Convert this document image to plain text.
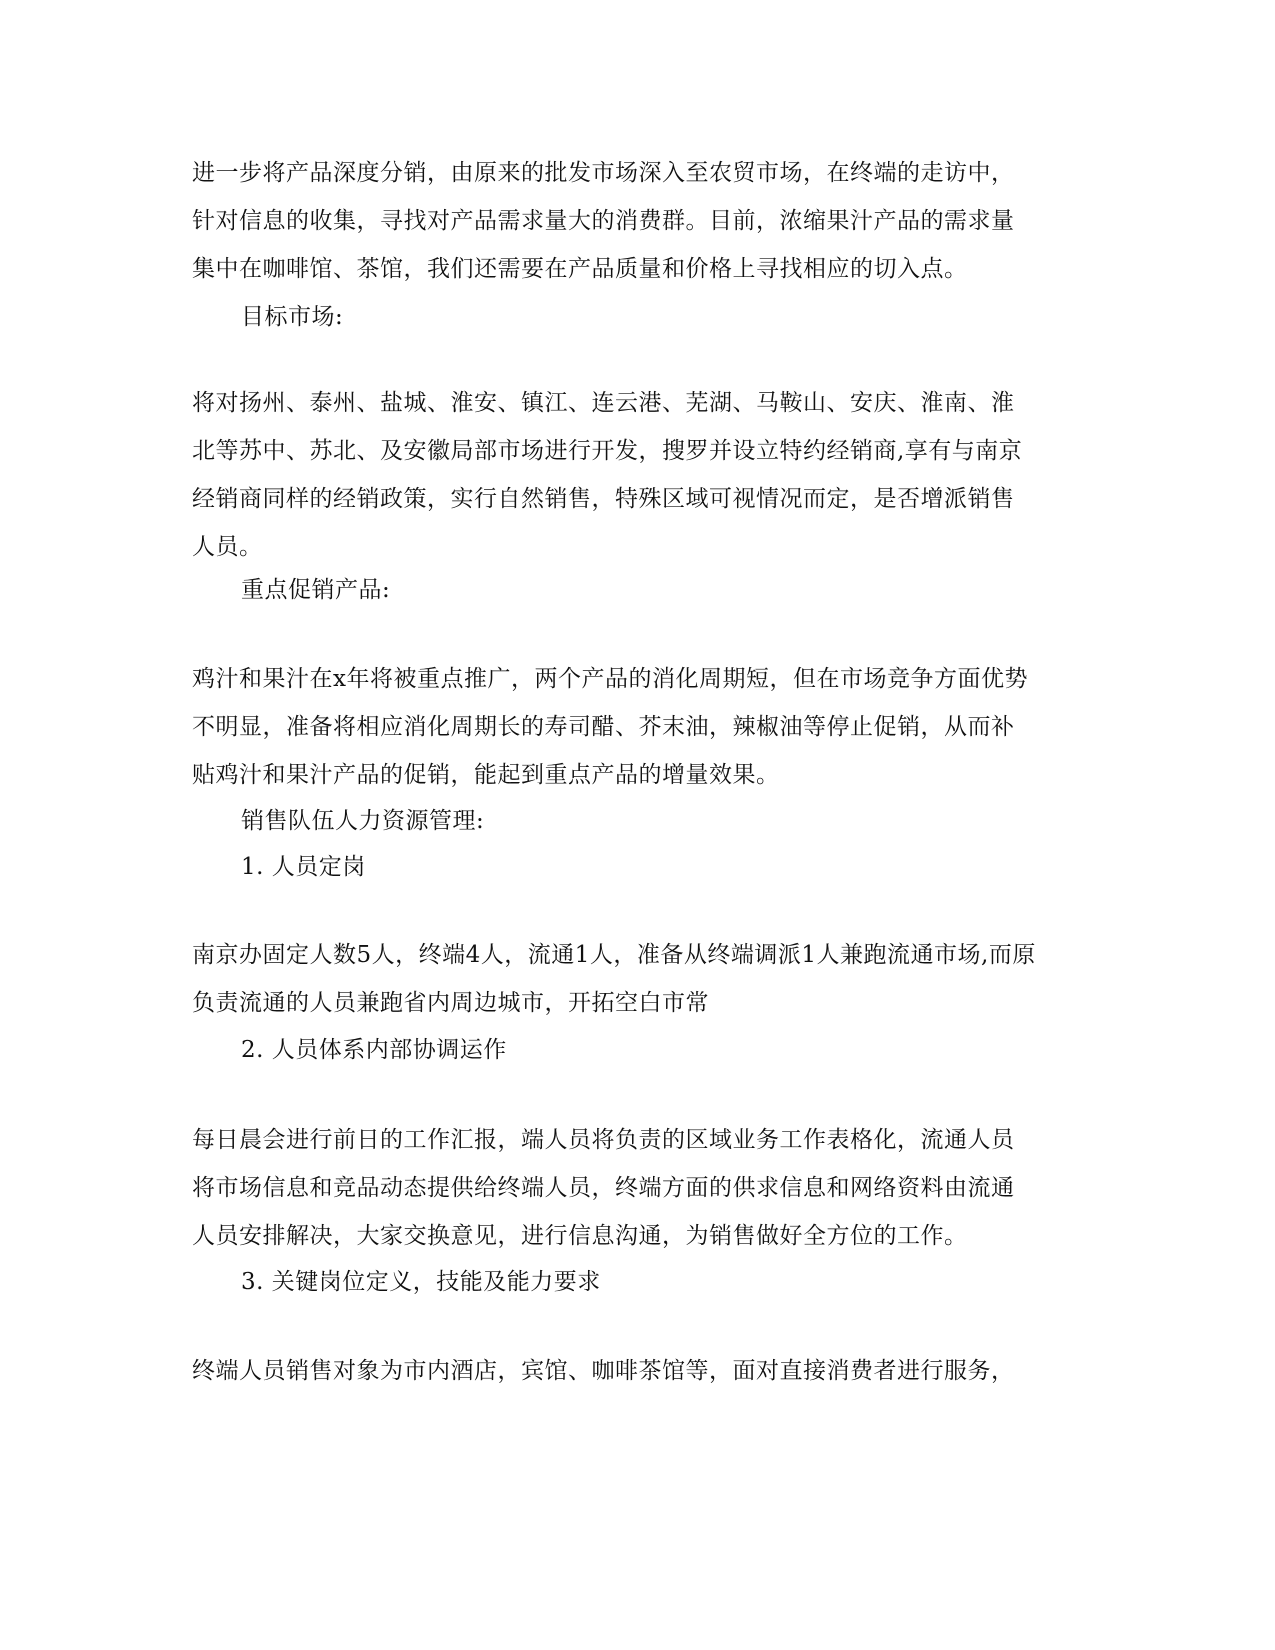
进一步将产品深度分销，由原来的批发市场深入至农贸市场，在终端的走访中，
针对信息的收集，寻找对产品需求量大的消费群。目前，浓缩果汁产品的需求量
集中在咖啡馆、茶馆，我们还需要在产品质量和价格上寻找相应的切入点。
目标市场:
将对扬州、泰州、盐城、淮安、镇江、连云港、芜湖、马鞍山、安庆、淮南、淮
北等苏中、苏北、及安徽局部市场进行开发，搜罗并设立特约经销商,享有与南京
经销商同样的经销政策，实行自然销售，特殊区域可视情况而定，是否增派销售
人员。
重点促销产品:
鸡汁和果汁在x年将被重点推广，两个产品的消化周期短，但在市场竞争方面优势
不明显，准备将相应消化周期长的寿司醋、芥末油，辣椒油等停止促销，从而补
贴鸡汁和果汁产品的促销，能起到重点产品的增量效果。
销售队伍人力资源管理:
1. 人员定岗
南京办固定人数5人，终端4人，流通1人，准备从终端调派1人兼跑流通市场,而原
负责流通的人员兼跑省内周边城市，开拓空白市常
2. 人员体系内部协调运作
每日晨会进行前日的工作汇报，端人员将负责的区域业务工作表格化，流通人员
将市场信息和竞品动态提供给终端人员，终端方面的供求信息和网络资料由流通
人员安排解决，大家交换意见，进行信息沟通，为销售做好全方位的工作。
3. 关键岗位定义，技能及能力要求
终端人员销售对象为市内酒店，宾馆、咖啡茶馆等，面对直接消费者进行服务，
